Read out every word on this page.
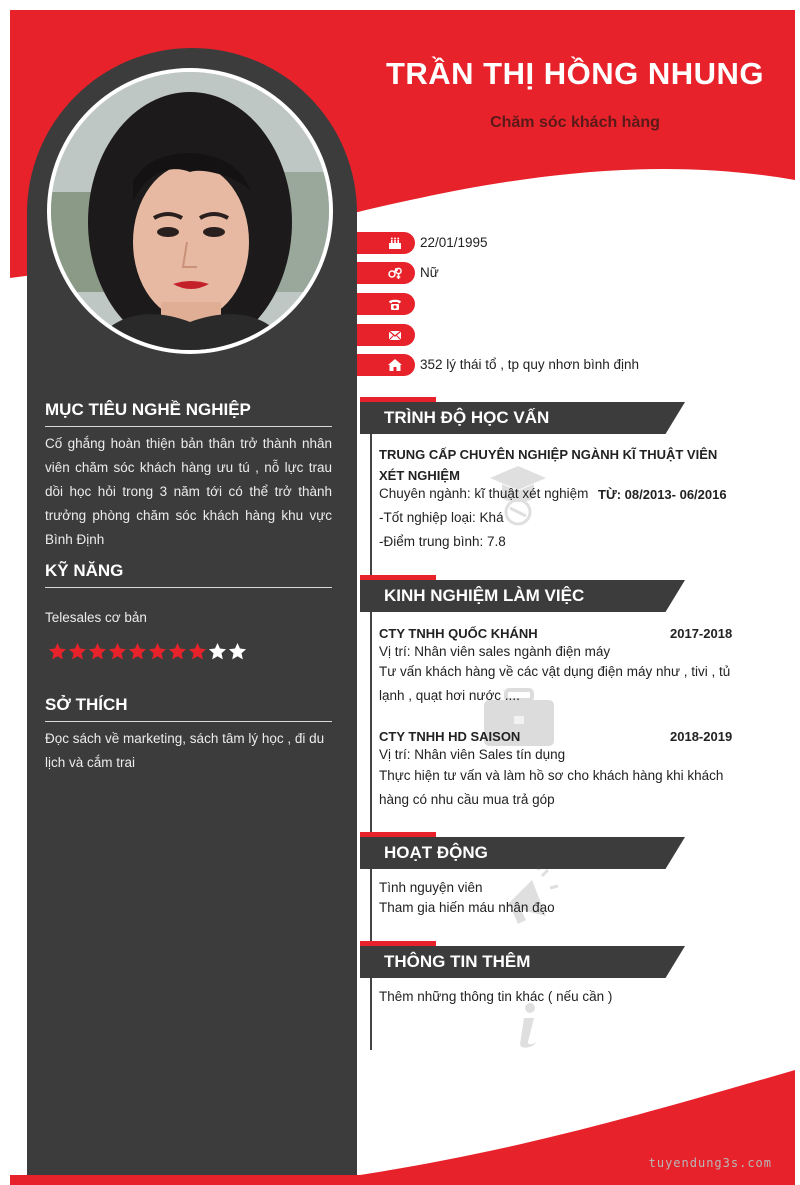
TRẦN THỊ HỒNG NHUNG
Chăm sóc khách hàng
MỤC TIÊU NGHỀ NGHIỆP
Cố ghắng hoàn thiện bản thân trở thành nhân viên chăm sóc khách hàng ưu tú , nỗ lực trau dồi học hỏi trong 3 năm tới có thể trở thành trưởng phòng chăm sóc khách hàng khu vực Bình Định
KỸ NĂNG
Telesales cơ bản
SỞ THÍCH
Đọc sách về marketing, sách tâm lý học , đi du lịch và cắm trai
22/01/1995
Nữ
352 lý thái tổ , tp quy nhơn bình định
TRÌNH ĐỘ HỌC VẤN
TRUNG CẤP CHUYÊN NGHIỆP NGÀNH KĨ THUẬT VIÊN XÉT NGHIỆM
Chuyên ngành: kĩ thuật xét nghiệm TỪ: 08/2013- 06/2016
-Tốt nghiệp loại: Khá
-Điểm trung bình: 7.8
KINH NGHIỆM LÀM VIỆC
CTY TNHH QUỐC KHÁNH	2017-2018
Vị trí: Nhân viên sales ngành điện máy
Tư vấn khách hàng về các vật dụng điện máy như , tivi , tủ lạnh , quạt hơi nước ....
CTY TNHH HD SAISON	2018-2019
Vị trí: Nhân viên Sales tín dụng
Thực hiện tư vấn và làm hồ sơ cho khách hàng khi khách hàng có nhu cầu mua trả góp
HOẠT ĐỘNG
Tình nguyện viên
Tham gia hiến máu nhân đạo
THÔNG TIN THÊM
Thêm những thông tin khác ( nếu cần )
tuyendung3s.com
